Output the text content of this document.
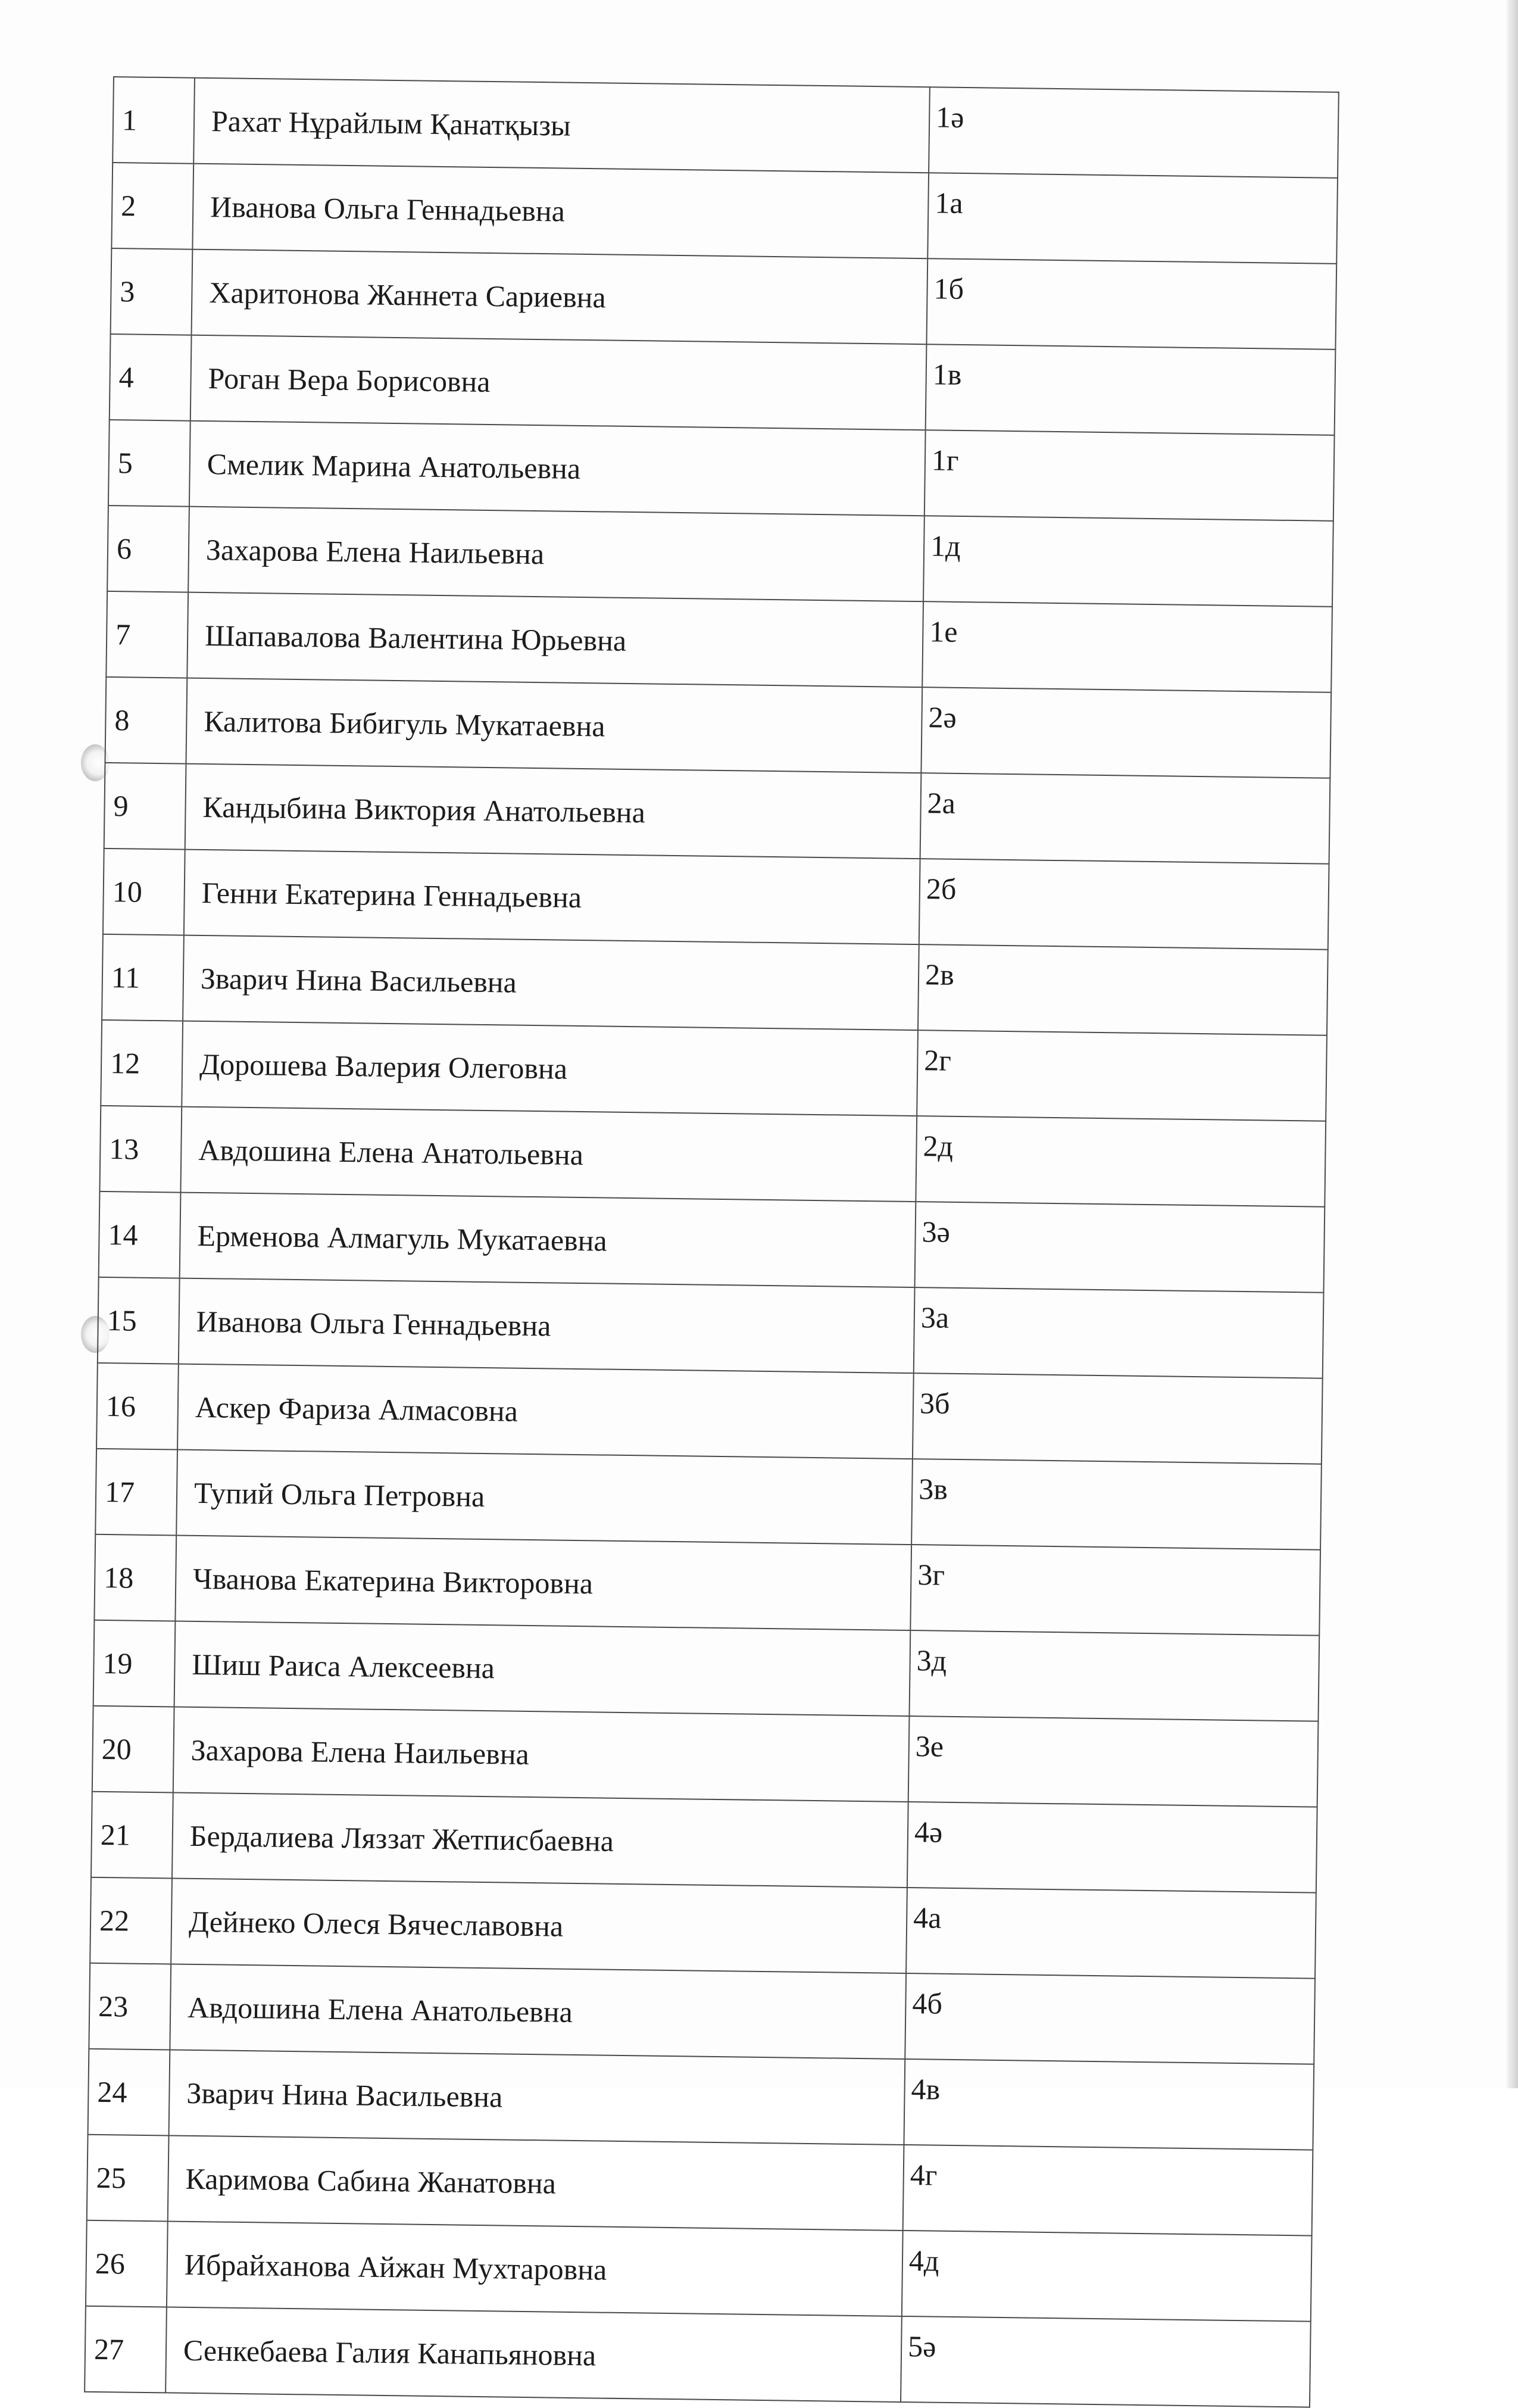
1	Рахат Нұрайлым Қанатқызы	1ә
2	Иванова Ольга Геннадьевна	1а
3	Харитонова Жаннета Сариевна	1б
4	Роган Вера Борисовна	1в
5	Смелик Марина Анатольевна	1г
6	Захарова Елена Наильевна	1д
7	Шапавалова Валентина Юрьевна	1е
8	Калитова Бибигуль Мукатаевна	2ә
9	Кандыбина Виктория Анатольевна	2а
10	Генни Екатерина Геннадьевна	2б
11	Зварич Нина Васильевна	2в
12	Дорошева Валерия Олеговна	2г
13	Авдошина Елена Анатольевна	2д
14	Ерменова Алмагуль Мукатаевна	3ә
15	Иванова Ольга Геннадьевна	3а
16	Аскер Фариза Алмасовна	3б
17	Тупий Ольга Петровна	3в
18	Чванова Екатерина Викторовна	3г
19	Шиш Раиса Алексеевна	3д
20	Захарова Елена Наильевна	3е
21	Бердалиева Ляззат Жетписбаевна	4ә
22	Дейнеко Олеся Вячеславовна	4а
23	Авдошина Елена Анатольевна	4б
24	Зварич Нина Васильевна	4в
25	Каримова Сабина Жанатовна	4г
26	Ибрайханова Айжан Мухтаровна	4д
27	Сенкебаева Галия Канапьяновна	5ә
